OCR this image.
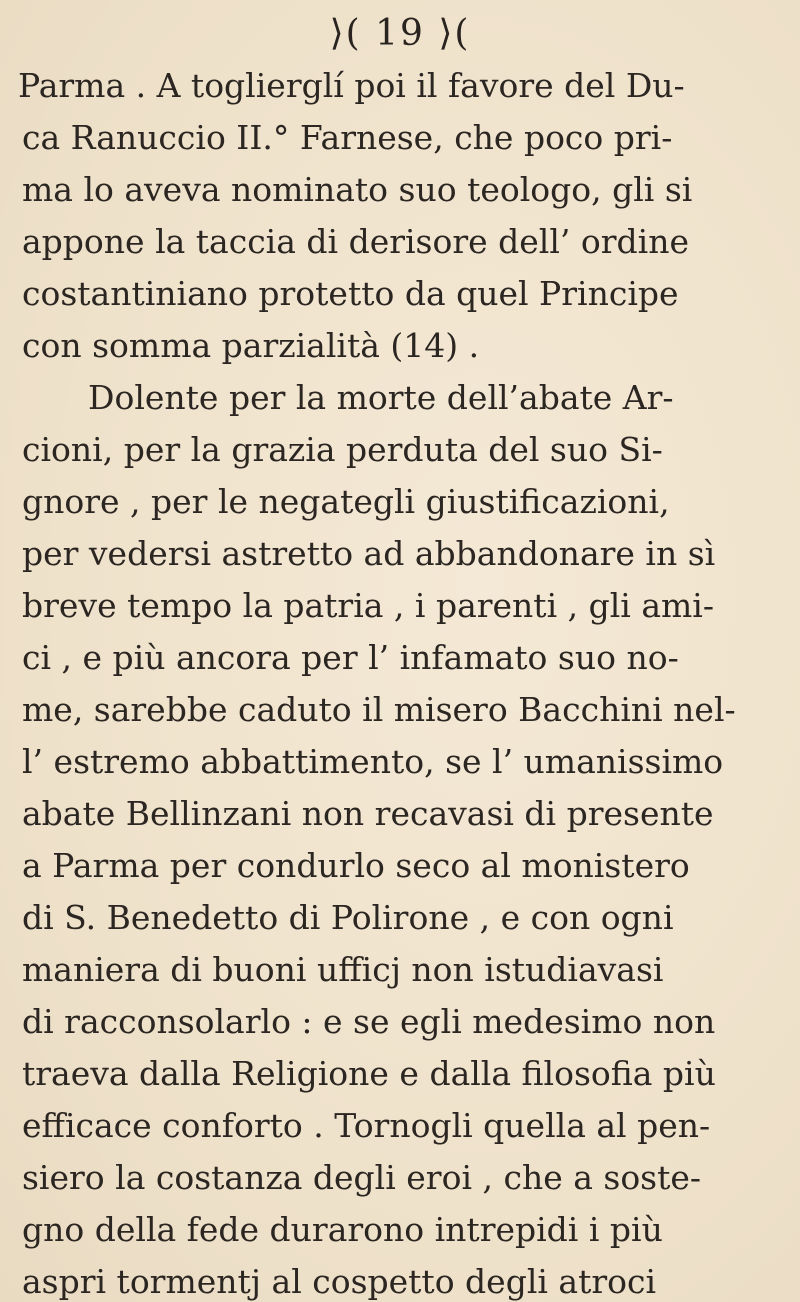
⟩( 19 ⟩(
Parma . A toglierglí poi il favore del Du-
ca Ranuccio II.° Farnese, che poco pri-
ma lo aveva nominato suo teologo, gli si
appone la taccia di derisore dell’ ordine
costantiniano protetto da quel Principe
con somma parzialità (14) .
Dolente per la morte dell’abate Ar-
cioni, per la grazia perduta del suo Si-
gnore , per le negategli giustificazioni,
per vedersi astretto ad abbandonare in sì
breve tempo la patria , i parenti , gli ami-
ci , e più ancora per l’ infamato suo no-
me, sarebbe caduto il misero Bacchini nel-
l’ estremo abbattimento, se l’ umanissimo
abate Bellinzani non recavasi di presente
a Parma per condurlo seco al monistero
di S. Benedetto di Polirone , e con ogni
maniera di buoni ufficj non istudiavasi
di racconsolarlo : e se egli medesimo non
traeva dalla Religione e dalla filosofia più
efficace conforto . Tornogli quella al pen-
siero la costanza degli eroi , che a soste-
gno della fede durarono intrepidi i più
aspri tormentj al cospetto degli atroci
